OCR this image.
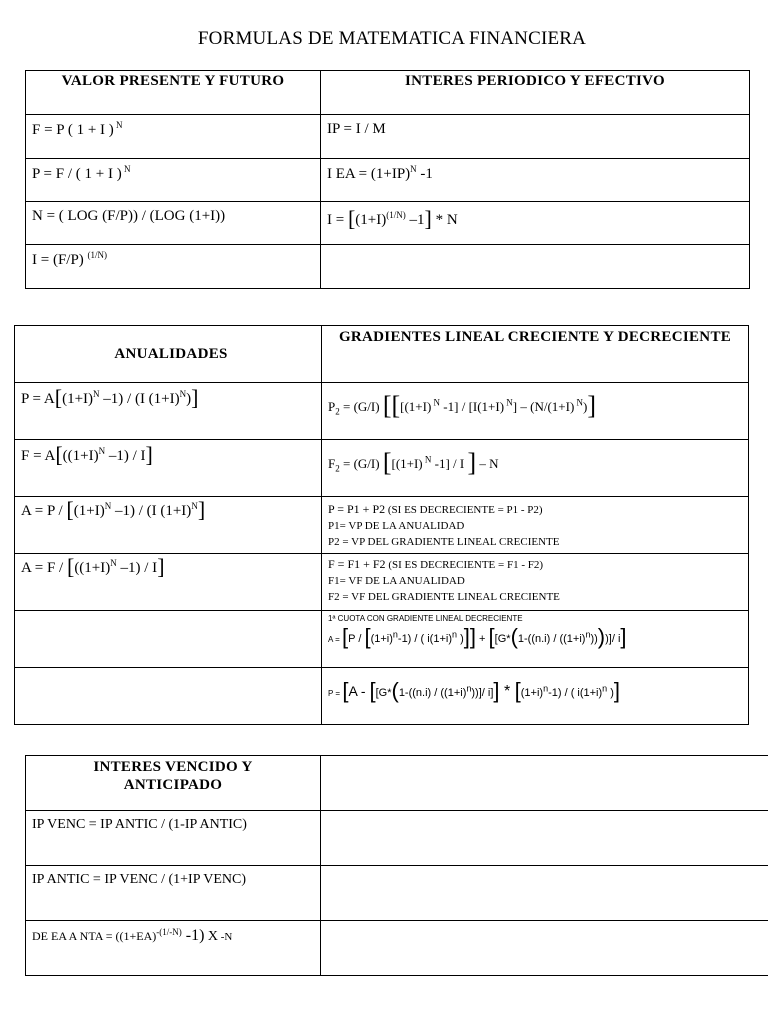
FORMULAS DE MATEMATICA FINANCIERA
VALOR PRESENTE Y FUTURO	INTERES PERIODICO Y EFECTIVO
F = P ( 1 + I ) $^N$	IP = I / M
P = F / ( 1 + I ) $^N$	I EA = $(1+IP)^N$ -1
N = ( LOG (F/P)) / (LOG (1+I))	$I = [(1+I)^{(1/N)}$ –1] * N
I = (F/P) $^{(1/N)}$	
ANUALIDADES	GRADIENTES LINEAL CRECIENTE Y DECRECIENTE
$P = A[(1+I)^N$ –1) / (I $(1+I)^N$)]	$P_2 = (G/I)$ [[[(1+I) $^N$ -1] / [I(1+I) $^N$] – (N/(1+I) $^N$)]
$F = A[((1+I)^N$ –1) / I]	$F_2 = (G/I)$ [[(1+I) $^N$ -1] / I ] – N
$A = P / [(1+I)^N$ –1) / (I $(1+I)^N$]	P = P1 + P2 (SI ES DECRECIENTE = P1 - P2)
P1= VP DE LA ANUALIDAD
P2 = VP DEL GRADIENTE LINEAL CRECIENTE

$A = F / [((1+I)^N$ –1) / I]	F = F1 + F2 (SI ES DECRECIENTE = F1 - F2)
F1= VF DE LA ANUALIDAD
F2 = VF DEL GRADIENTE LINEAL CRECIENTE

	1ª CUOTA CON GRADIENTE LINEAL DECRECIENTE
$A = [P / [(1+i)^n-1)$ / ( $i(1+i)^n$ )]] + $[[G*(1-((n.i) / ((1+i)^n))))]/$ i]

	$P = [A - [[G*(1-((n.i) / ((1+i)^n))]/$ $i]] * [(1+i)^n-1)$ / ( $i(1+i)^n$ )]
INTERES VENCIDO Y ANTICIPADO	
IP VENC = IP ANTIC / (1-IP ANTIC)	
IP ANTIC = IP VENC / (1+IP VENC)	
DE EA A NTA = ($(1+EA)^{-(1/-N)}$ -1) X -N	
